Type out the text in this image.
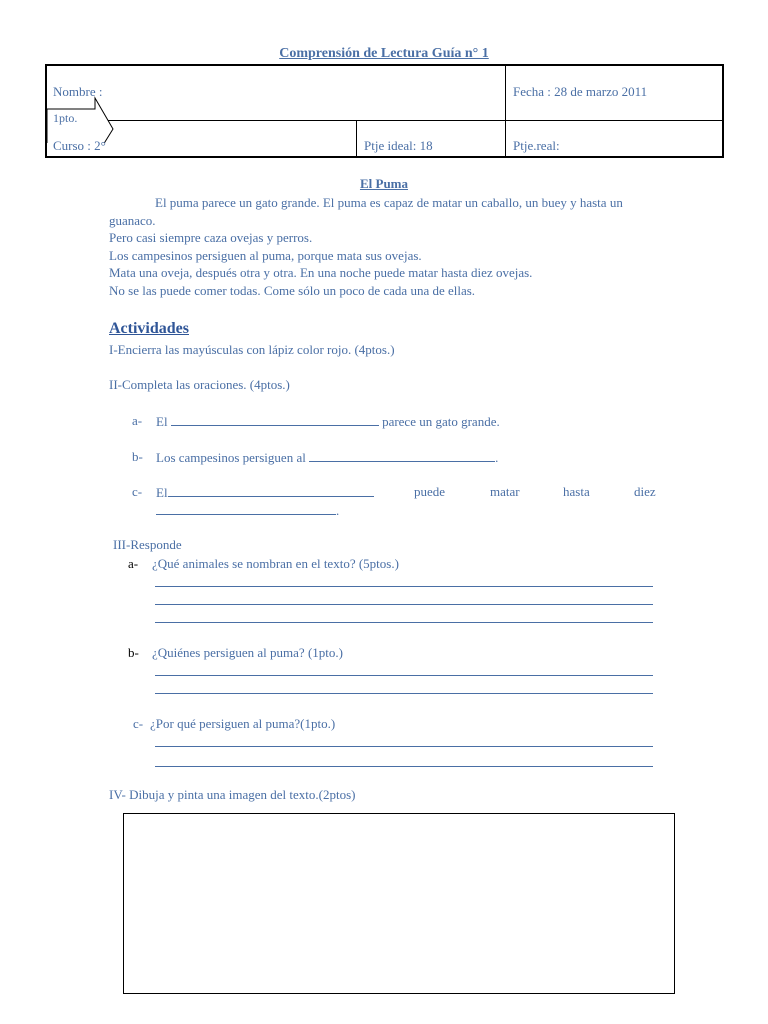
Comprensión de Lectura Guía n° 1
Nombre :	Fecha : 28 de marzo 2011
1pto.
Curso : 2°	Ptje ideal: 18	Ptje.real:
El Puma

El puma parece un gato grande. El puma es capaz de matar un caballo, un buey y hasta un guanaco.

Pero casi siempre caza ovejas y perros.

Los campesinos persiguen al puma, porque mata sus ovejas.

Mata una oveja, después otra y otra. En una noche puede matar hasta diez ovejas.

No se las puede comer todas. Come sólo un poco de cada una de ellas.

Actividades
I-Encierra las mayúsculas con lápiz color rojo. (4ptos.)
II-Completa las oraciones. (4ptos.)
a- El	parece un gato grande.
b- Los campesinos persiguen al	.
c- El	puede	matar	hasta	diez
.
III-Responde
a- ¿Qué animales se nombran en el texto? (5ptos.)
b- ¿Quiénes persiguen al puma? (1pto.)
c- ¿Por qué persiguen al puma?(1pto.)
IV- Dibuja y pinta una imagen del texto.(2ptos)
